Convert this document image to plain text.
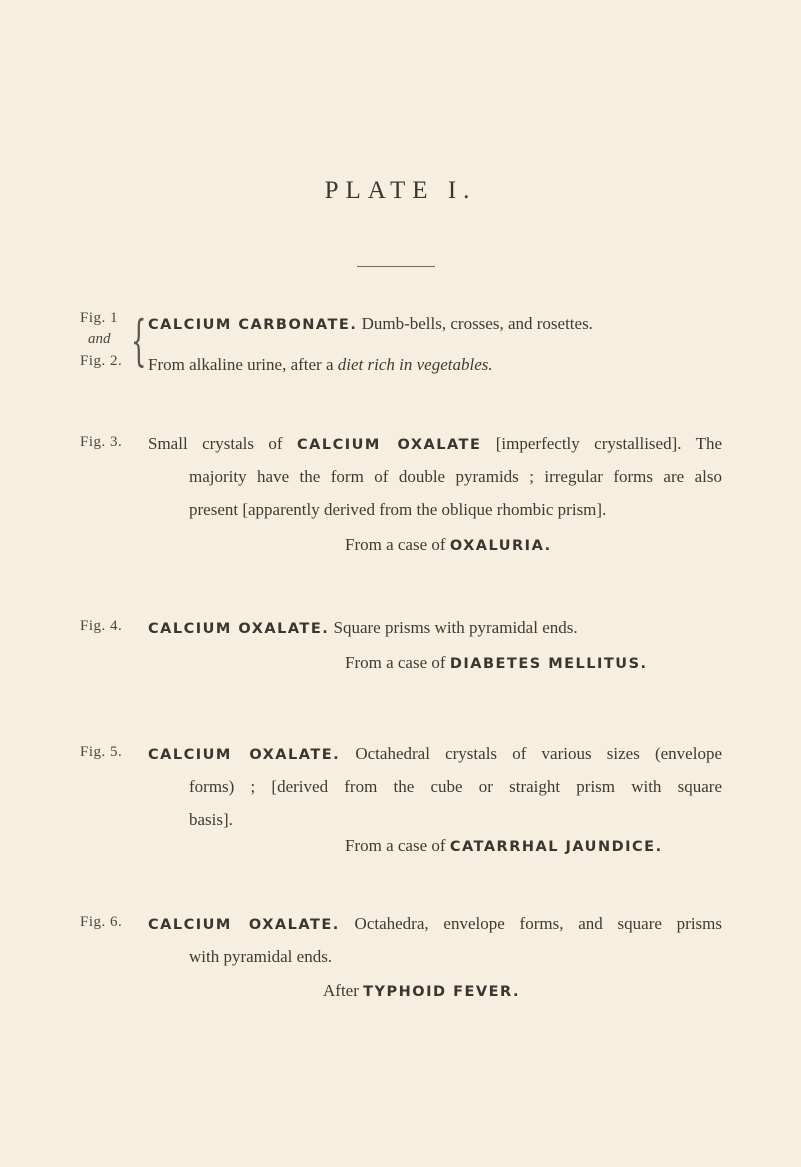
PLATE I.
Fig. 1
and
Fig. 2. { CALCIUM CARBONATE. Dumb-bells, crosses, and rosettes.
From alkaline urine, after a diet rich in vegetables.
Fig. 3. Small crystals of CALCIUM OXALATE [imperfectly crystallised]. The
majority have the form of double pyramids ; irregular forms are also
present [apparently derived from the oblique rhombic prism].
From a case of OXALURIA.
Fig. 4. CALCIUM OXALATE. Square prisms with pyramidal ends.
From a case of DIABETES MELLITUS.
Fig. 5. CALCIUM OXALATE. Octahedral crystals of various sizes (envelope
forms) ; [derived from the cube or straight prism with square
basis].
From a case of CATARRHAL JAUNDICE.
Fig. 6. CALCIUM OXALATE. Octahedra, envelope forms, and square prisms
with pyramidal ends.
After TYPHOID FEVER.
